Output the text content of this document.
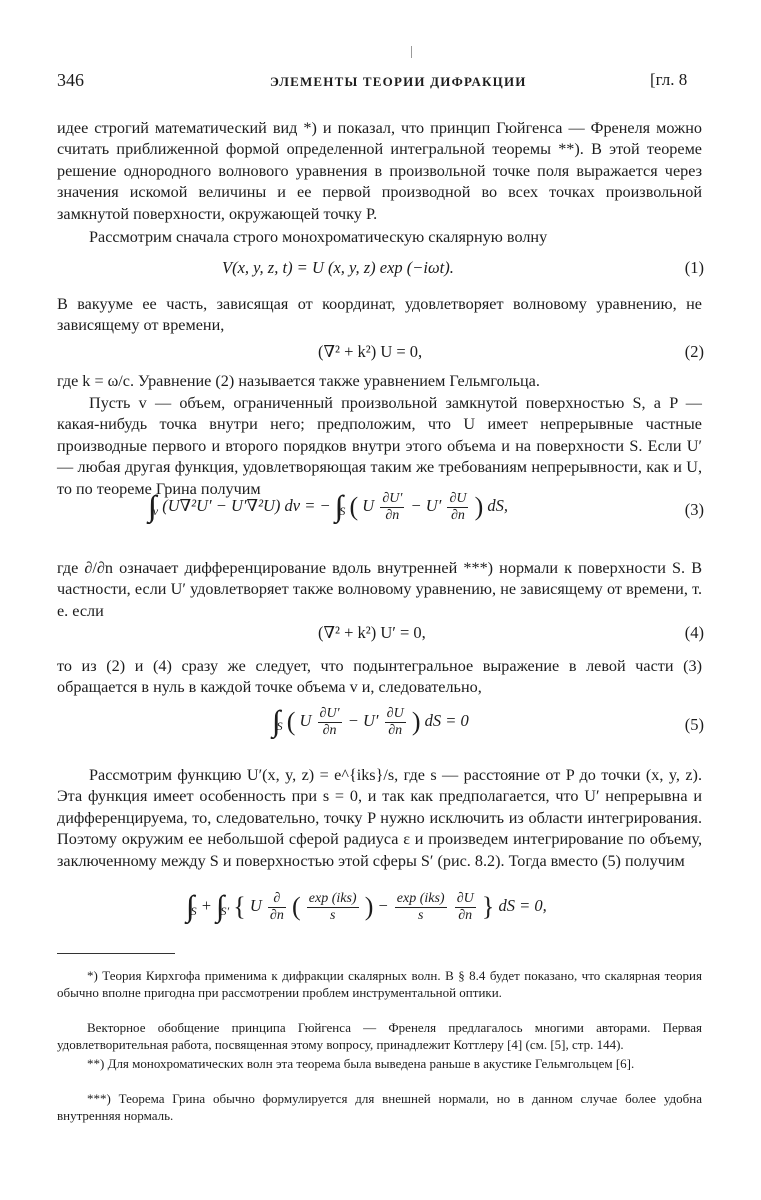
346	ЭЛЕМЕНТЫ ТЕОРИИ ДИФРАКЦИИ	[гл. 8

идее строгий математический вид *) и показал, что принцип Гюйгенса — Френеля можно считать приближенной формой определенной интегральной теоремы **). В этой теореме решение однородного волнового уравнения в произвольной точке поля выражается через значения искомой величины и ее первой производной во всех точках произвольной замкнутой поверхности, окружающей точку P.

Рассмотрим сначала строго монохроматическую скалярную волну

V(x, y, z, t) = U (x, y, z) exp (−iωt).	(1)

В вакууме ее часть, зависящая от координат, удовлетворяет волновому уравнению, не зависящему от времени,

(∇² + k²) U = 0,	(2)

где k = ω/c. Уравнение (2) называется также уравнением Гельмгольца.

Пусть v — объем, ограниченный произвольной замкнутой поверхностью S, а P — какая-нибудь точка внутри него; предположим, что U имеет непрерывные частные производные первого и второго порядков внутри этого объема и на поверхности S. Если U′ — любая другая функция, удовлетворяющая таким же требованиям непрерывности, как и U, то по теореме Грина получим

∫∫∫ $_v$ (U∇²U′ − U′∇²U) dv = − ∫∫ $_S$ ( U $\frac{\partial U'}{\partial n} - U' \frac{\partial U}{\partial n}$ ) dS,	(3)

где ∂/∂n означает дифференцирование вдоль внутренней ***) нормали к поверхности S. В частности, если U′ удовлетворяет также волновому уравнению, не зависящему от времени, т. е. если

(∇² + k²) U′ = 0,	(4)

то из (2) и (4) сразу же следует, что подынтегральное выражение в левой части (3) обращается в нуль в каждой точке объема v и, следовательно,

∫∫ $_S$ ( U $\frac{\partial U'}{\partial n} - U' \frac{\partial U}{\partial n}$ ) dS = 0	(5)

Рассмотрим функцию U′(x, y, z) = e^{iks}/s, где s — расстояние от P до точки (x, y, z). Эта функция имеет особенность при s = 0, и так как предполагается, что U′ непрерывна и дифференцируема, то, следовательно, точку P нужно исключить из области интегрирования. Поэтому окружим ее небольшой сферой радиуса ε и произведем интегрирование по объему, заключенному между S и поверхностью этой сферы S′ (рис. 8.2). Тогда вместо (5) получим

∫∫ $_S$ + ∫∫ $_{S'}$ { U $\frac{\partial}{\partial n}$ ( $\frac{\text{exp (iks)}}{s}$ ) − $\frac{\text{exp (iks)}}{s}$
$\frac{\partial U}{\partial n}$ } dS = 0,

*) Теория Кирхгофа применима к дифракции скалярных волн. В § 8.4 будет показано, что скалярная теория обычно вполне пригодна при рассмотрении проблем инструментальной оптики.

Векторное обобщение принципа Гюйгенса — Френеля предлагалось многими авторами. Первая удовлетворительная работа, посвященная этому вопросу, принадлежит Коттлеру [4] (см. [5], стр. 144).

**) Для монохроматических волн эта теорема была выведена раньше в акустике Гельмгольцем [6].

***) Теорема Грина обычно формулируется для внешней нормали, но в данном случае более удобна внутренняя нормаль.
